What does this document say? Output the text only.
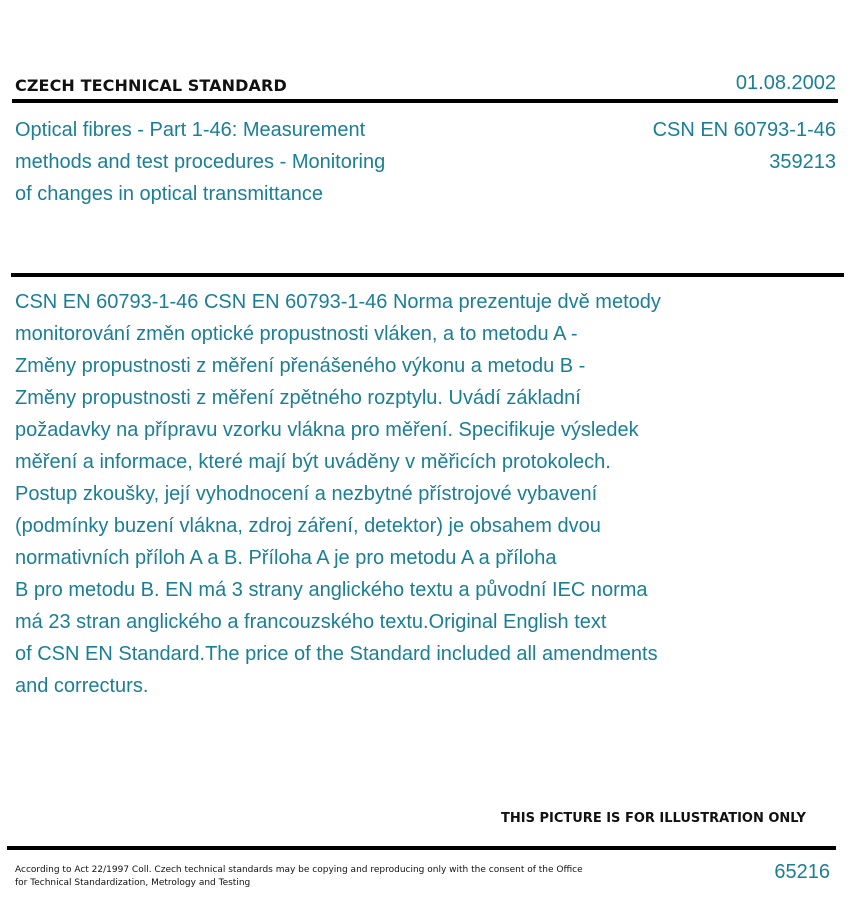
CZECH TECHNICAL STANDARD	01.08.2002
Optical fibres - Part 1-46: Measurement
methods and test procedures - Monitoring
of changes in optical transmittance
CSN EN 60793-1-46
359213
CSN EN 60793-1-46 CSN EN 60793-1-46 Norma prezentuje dvě metody
monitorování změn optické propustnosti vláken, a to metodu A -
Změny propustnosti z měření přenášeného výkonu a metodu B -
Změny propustnosti z měření zpětného rozptylu. Uvádí základní
požadavky na přípravu vzorku vlákna pro měření. Specifikuje výsledek
měření a informace, které mají být uváděny v měřicích protokolech.
Postup zkoušky, její vyhodnocení a nezbytné přístrojové vybavení
(podmínky buzení vlákna, zdroj záření, detektor) je obsahem dvou
normativních příloh A a B. Příloha A je pro metodu A a příloha
B pro metodu B. EN má 3 strany anglického textu a původní IEC norma
má 23 stran anglického a francouzského textu.Original English text
of CSN EN Standard.The price of the Standard included all amendments
and correcturs.
THIS PICTURE IS FOR ILLUSTRATION ONLY
According to Act 22/1997 Coll. Czech technical standards may be copying and reproducing only with the consent of the Office
for Technical Standardization, Metrology and Testing	65216
